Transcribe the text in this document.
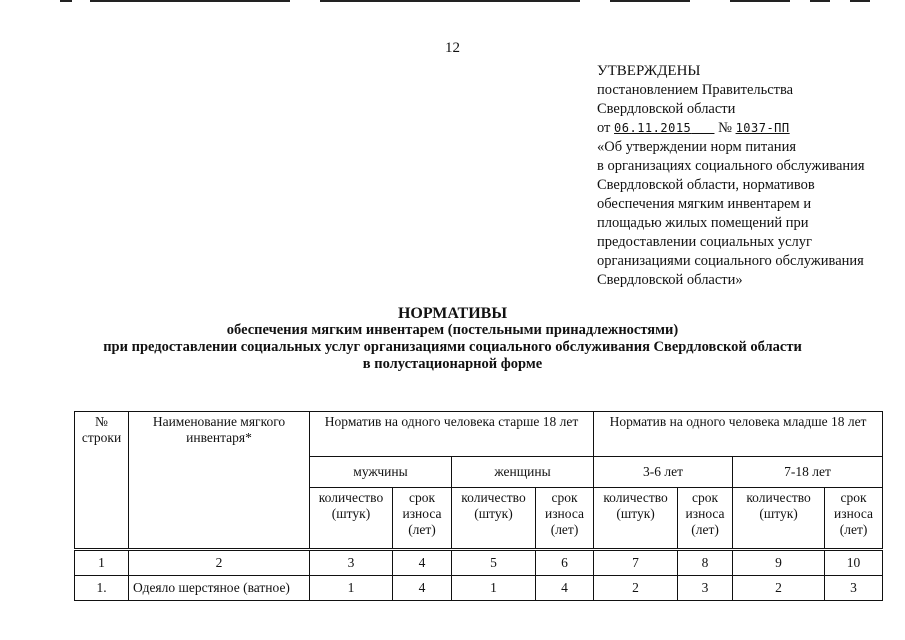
12
УТВЕРЖДЕНЫ
постановлением Правительства
Свердловской области
от 06.11.2015 № 1037-ПП
«Об утверждении норм питания
в организациях социального обслуживания
Свердловской области, нормативов
обеспечения мягким инвентарем и
площадью жилых помещений при
предоставлении социальных услуг
организациями социального обслуживания
Свердловской области»
НОРМАТИВЫ
обеспечения мягким инвентарем (постельными принадлежностями)
при предоставлении социальных услуг организациями социального обслуживания Свердловской области
в полустационарной форме
№ строки	Наименование мягкого инвентаря*	Норматив на одного человека старше 18 лет				Норматив на одного человека младше 18 лет			
		мужчины		женщины		3-6 лет		7-18 лет	
		количество (штук)	срок износа (лет)	количество (штук)	срок износа (лет)	количество (штук)	срок износа (лет)	количество (штук)	срок износа (лет)
1	2	3	4	5	6	7	8	9	10
1.	Одеяло шерстяное (ватное)	1	4	1	4	2	3	2	3
